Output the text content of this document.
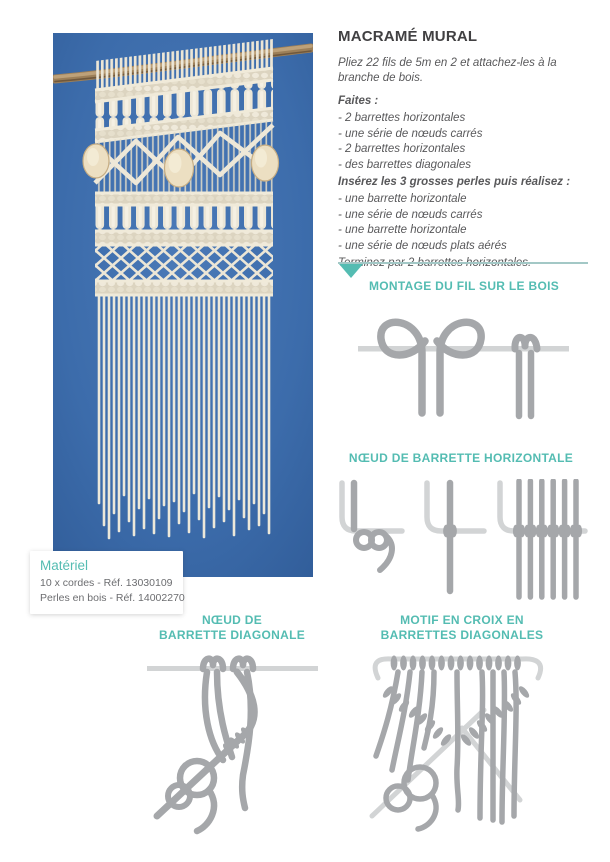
Matériel
10 x cordes - Réf. 13030109
Perles en bois - Réf. 14002270
MACRAMÉ MURAL
Pliez 22 fils de 5m en 2 et attachez-les à la branche de bois.
Faites :
- 2 barrettes horizontales
- une série de nœuds carrés
- 2 barrettes horizontales
- des barrettes diagonales
Insérez les 3 grosses perles puis réalisez :
- une barrette horizontale
- une série de nœuds carrés
- une barrette horizontale
- une série de nœuds plats aérés
MONTAGE DU FIL SUR LE BOIS
NŒUD DE BARRETTE HORIZONTALE
NŒUD DE
BARRETTE DIAGONALE
MOTIF EN CROIX EN
BARRETTES DIAGONALES
